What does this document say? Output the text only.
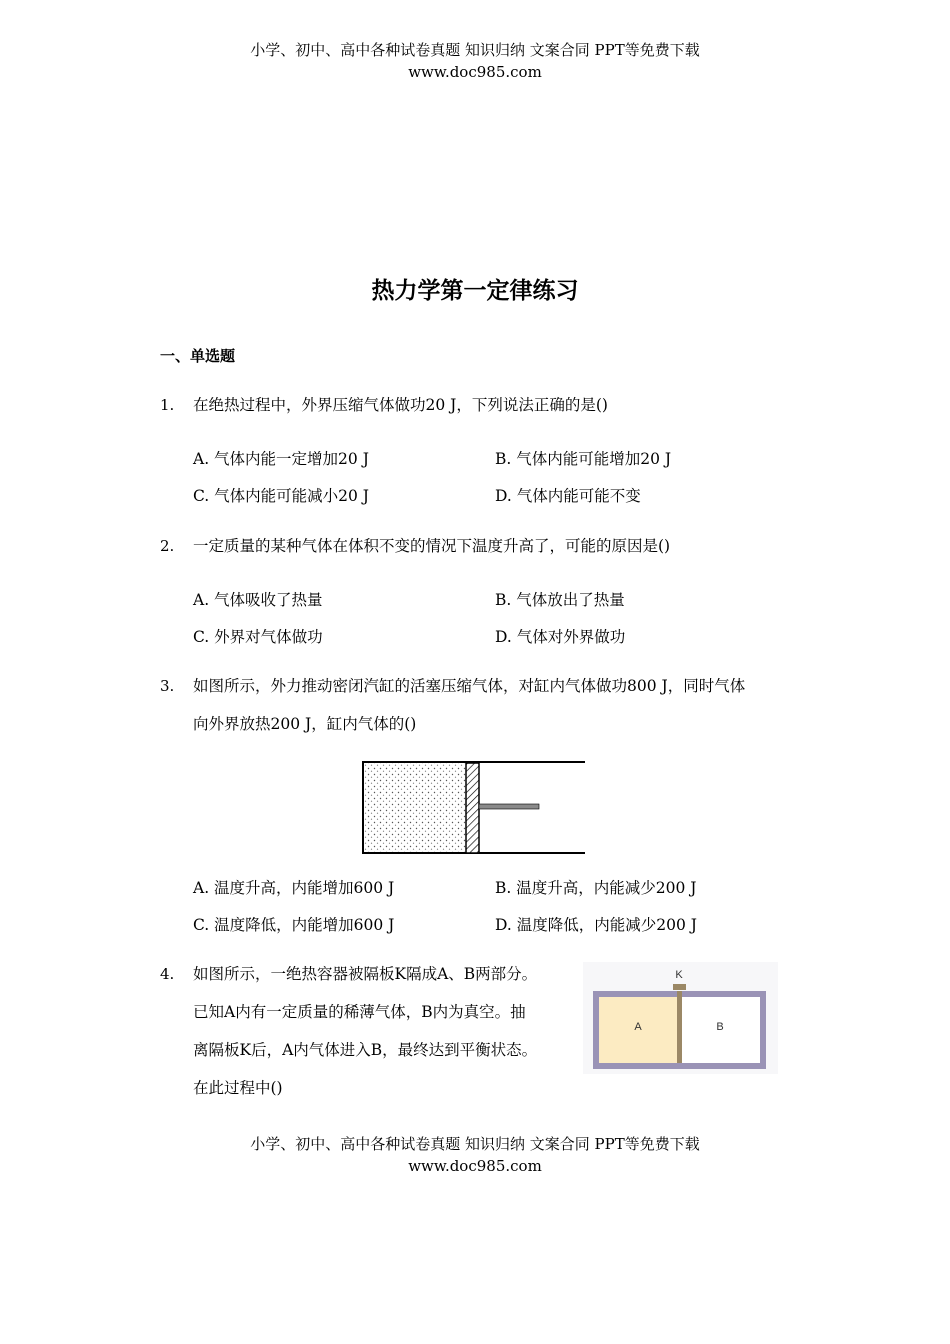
小学、初中、高中各种试卷真题 知识归纳 文案合同 PPT等免费下载
www.doc985.com
热力学第一定律练习
一、单选题
1. 在绝热过程中，外界压缩气体做功20 J，下列说法正确的是()
A. 气体内能一定增加20 J	B. 气体内能可能增加20 J
C. 气体内能可能减小20 J	D. 气体内能可能不变
2. 一定质量的某种气体在体积不变的情况下温度升高了，可能的原因是()
A. 气体吸收了热量	B. 气体放出了热量
C. 外界对气体做功	D. 气体对外界做功
3. 如图所示，外力推动密闭汽缸的活塞压缩气体，对缸内气体做功800 J，同时气体
向外界放热200 J，缸内气体的()
A. 温度升高，内能增加600 J	B. 温度升高，内能减少200 J
C. 温度降低，内能增加600 J	D. 温度降低，内能减少200 J
4. 如图所示，一绝热容器被隔板K隔成A、B两部分。
已知A内有一定质量的稀薄气体，B内为真空。抽
离隔板K后，A内气体进入B，最终达到平衡状态。
在此过程中()
K
A	B
小学、初中、高中各种试卷真题 知识归纳 文案合同 PPT等免费下载
www.doc985.com
